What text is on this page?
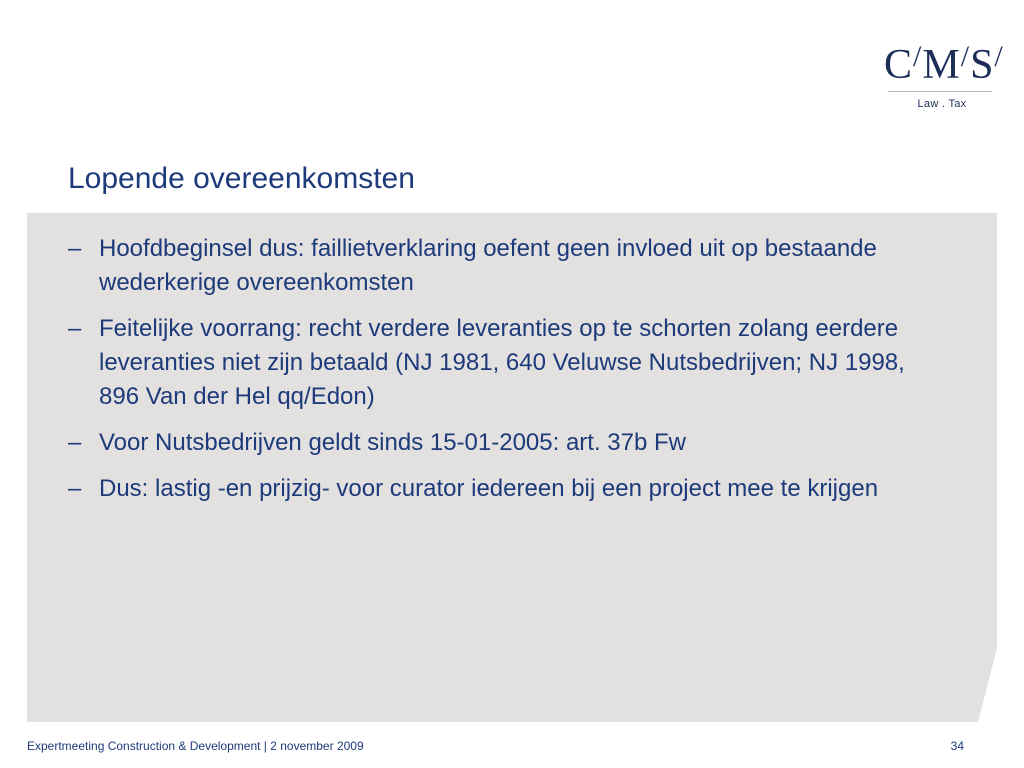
C/M/S/
Law . Tax
Lopende overeenkomsten
– Hoofdbeginsel dus: faillietverklaring oefent geen invloed uit op bestaande wederkerige overeenkomsten
– Feitelijke voorrang: recht verdere leveranties op te schorten zolang eerdere leveranties niet zijn betaald (NJ 1981, 640 Veluwse Nutsbedrijven; NJ 1998, 896 Van der Hel qq/Edon)
– Voor Nutsbedrijven geldt sinds 15-01-2005: art. 37b Fw
– Dus: lastig -en prijzig- voor curator iedereen bij een project mee te krijgen
Expertmeeting Construction & Development | 2 november 2009	34
